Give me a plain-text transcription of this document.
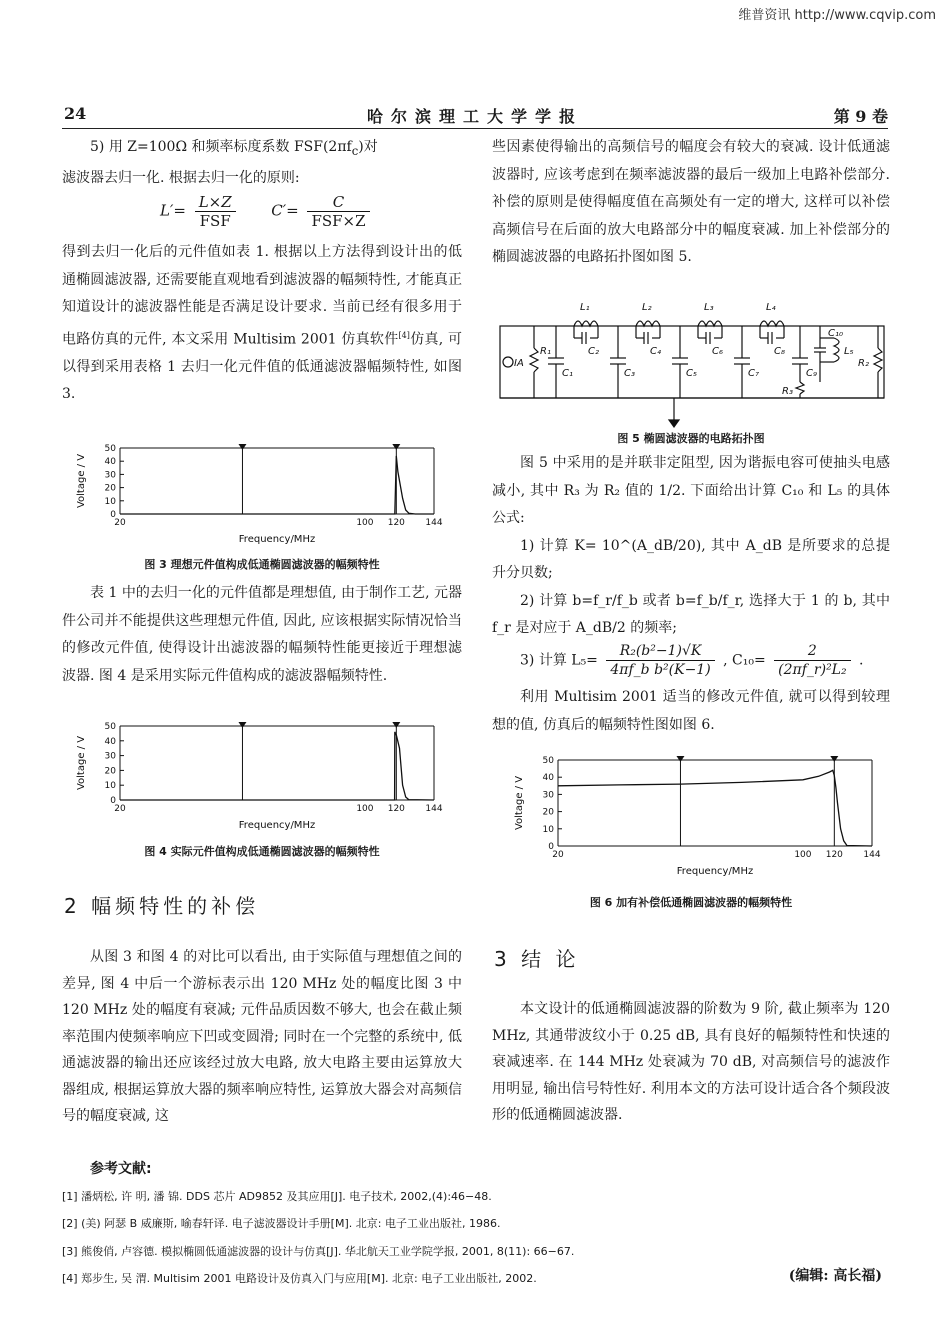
维普资讯 http://www.cqvip.com
24	哈尔滨理工大学学报	第 9 卷

5) 用 Z=100Ω 和频率标度系数 $FSF(2\pi f_c)$对

滤波器去归一化. 根据去归一化的原则:

$L'= \frac{L\times Z}{\text{FSF}} C'= \frac{C}{\text{FSF×Z}}$

得到去归一化后的元件值如表 1. 根据以上方法得到设计出的低通椭圆滤波器, 还需要能直观地看到滤波器的幅频特性, 才能真正知道设计的滤波器性能是否满足设计要求. 当前已经有很多用于电路仿真的元件, 本文采用 Multisim 2001 仿真软件[4]仿真, 可以得到采用表格 1 去归一化元件值的低通滤波器幅频特性, 如图 3.

0
10
20
30
40
50
20	100 120 144
Frequency/MHz
Voltage / V
图 3 理想元件值构成低通椭圆滤波器的幅频特性

表 1 中的去归一化的元件值都是理想值, 由于制作工艺, 元器件公司并不能提供这些理想元件值, 因此, 应该根据实际情况恰当的修改元件值, 使得设计出滤波器的幅频特性能更接近于理想滤波器. 图 4 是采用实际元件值构成的滤波器幅频特性.

0
10
20
30
40
50
20	100 120 144
Frequency/MHz
Voltage / V
图 4 实际元件值构成低通椭圆滤波器的幅频特性
2 幅频特性的补偿

从图 3 和图 4 的对比可以看出, 由于实际值与理想值之间的差异, 图 4 中后一个游标表示出 120 MHz 处的幅度比图 3 中 120 MHz 处的幅度有衰减; 元件品质因数不够大, 也会在截止频率范围内使频率响应下凹或变圆滑; 同时在一个完整的系统中, 低通滤波器的输出还应该经过放大电路, 放大电路主要由运算放大器组成, 根据运算放大器的频率响应特性, 运算放大器会对高频信号的幅度衰减, 这

些因素使得输出的高频信号的幅度会有较大的衰减. 设计低通滤波器时, 应该考虑到在频率滤波器的最后一级加上电路补偿部分. 补偿的原则是使得幅度值在高频处有一定的增大, 这样可以补偿高频信号在后面的放大电路部分中的幅度衰减. 加上补偿部分的椭圆滤波器的电路拓扑图如图 5.

IA
R₁
R₂
R₃
L₁	L₂	L₃	L₄
L₅
C₂	C₄	C₆	C₈
C₁	C₃	C₅	C₇	C₉
C₁₀
图 5 椭圆滤波器的电路拓扑图

图 5 中采用的是并联非定阻型, 因为谐振电容可使抽头电感减小, 其中 R₃ 为 R₂ 值的 1/2. 下面给出计算 C₁₀ 和 L₅ 的具体公式:

1) 计算 K= 10^(A_dB/20), 其中 A_dB 是所要求的总提升分贝数;

2) 计算 b=f_r/f_b 或者 b=f_b/f_r, 选择大于 1 的 b, 其中 f_r 是对应于 A_dB/2 的频率;

3) 计算 $L_5= \frac{\text{R₂(b²−1)√K}}{\text{4πf\_b b²(K−1)}}$ , $C_{10}= \frac{2}{\text{(2πf\_r)²L₂}}$ .

利用 Multisim 2001 适当的修改元件值, 就可以得到较理想的值, 仿真后的幅频特性图如图 6.

0
10
20
30
40
50
20	100 120 144
Frequency/MHz
Voltage / V
图 6 加有补偿低通椭圆滤波器的幅频特性
3 结 论

本文设计的低通椭圆滤波器的阶数为 9 阶, 截止频率为 120 MHz, 其通带波纹小于 0.25 dB, 具有良好的幅频特性和快速的衰减速率. 在 144 MHz 处衰减为 70 dB, 对高频信号的滤波作用明显, 输出信号特性好. 利用本文的方法可设计适合各个频段波形的低通椭圆滤波器.

参考文献:
[1] 潘炳松, 许 明, 潘 锦. DDS 芯片 AD9852 及其应用[J]. 电子技术, 2002,(4):46−48.
[2] (美) 阿瑟 B 威廉斯, 喻春轩译. 电子滤波器设计手册[M]. 北京: 电子工业出版社, 1986.
[3] 熊俊俏, 卢容德. 模拟椭圆低通滤波器的设计与仿真[J]. 华北航天工业学院学报, 2001, 8(11): 66−67.
[4] 郑步生, 吴 渭. Multisim 2001 电路设计及仿真入门与应用[M]. 北京: 电子工业出版社, 2002.	(编辑: 高长福)
